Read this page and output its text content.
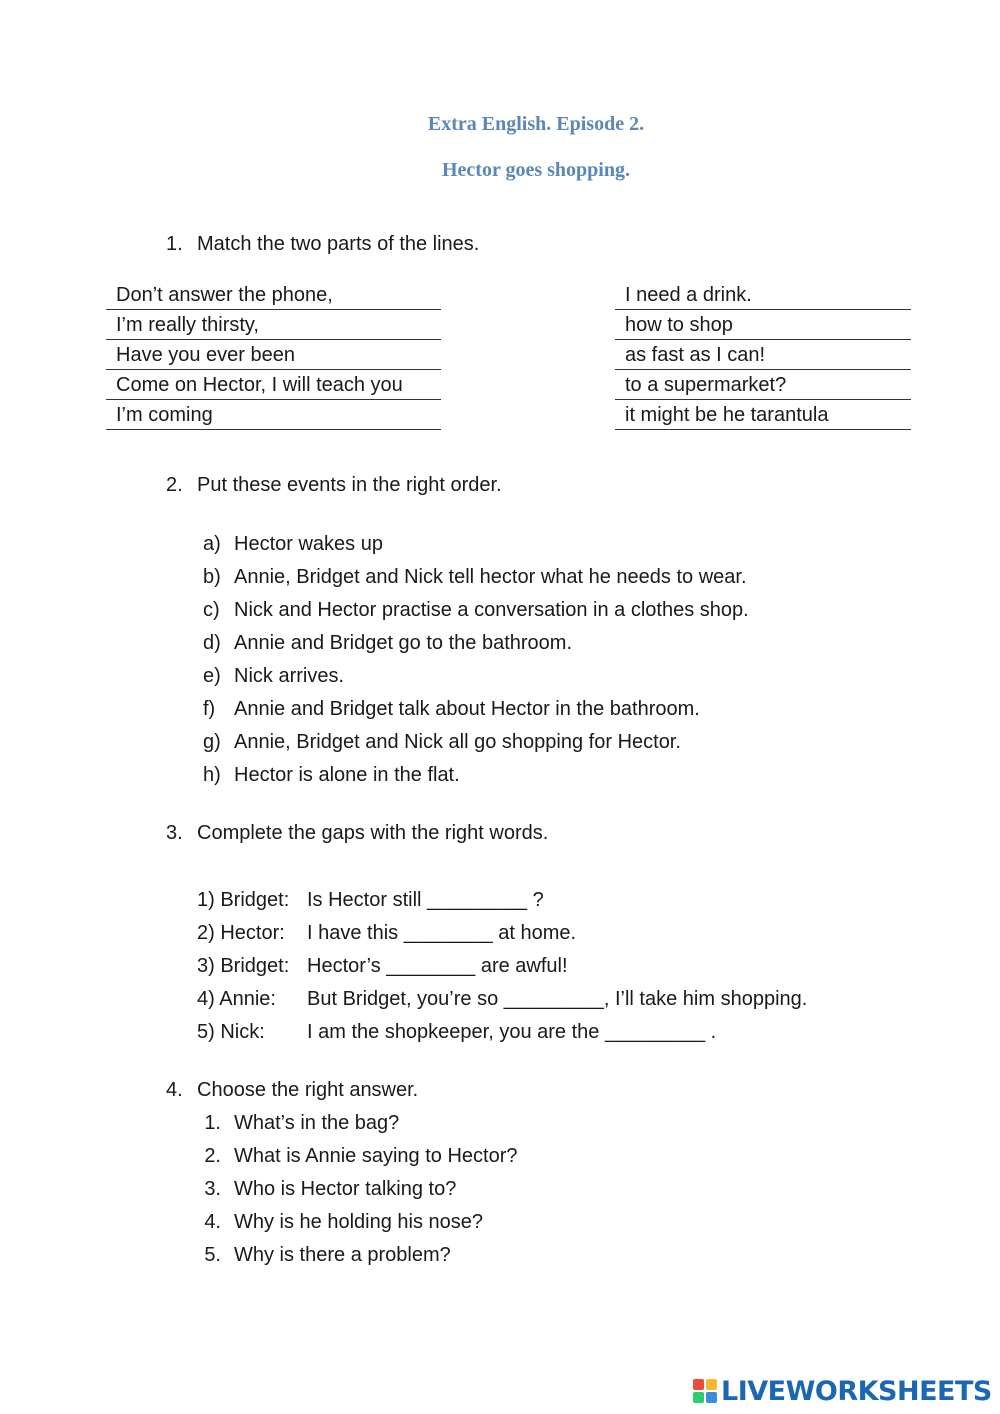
Extra English. Episode 2.
Hector goes shopping.
1. Match the two parts of the lines.
Don’t answer the phone,
I’m really thirsty,
Have you ever been
Come on Hector, I will teach you
I’m coming
I need a drink.
how to shop
as fast as I can!
to a supermarket?
it might be he tarantula
2. Put these events in the right order.
a) Hector wakes up
b) Annie, Bridget and Nick tell hector what he needs to wear.
c) Nick and Hector practise a conversation in a clothes shop.
d) Annie and Bridget go to the bathroom.
e) Nick arrives.
f) Annie and Bridget talk about Hector in the bathroom.
g) Annie, Bridget and Nick all go shopping for Hector.
h) Hector is alone in the flat.
3. Complete the gaps with the right words.
1) Bridget: Is Hector still _________ ?
2) Hector: I have this ________ at home.
3) Bridget: Hector’s ________ are awful!
4) Annie: But Bridget, you’re so _________, I’ll take him shopping.
5) Nick: I am the shopkeeper, you are the _________ .
4. Choose the right answer.
1. What’s in the bag?
2. What is Annie saying to Hector?
3. Who is Hector talking to?
4. Why is he holding his nose?
5. Why is there a problem?
LIVEWORKSHEETS
